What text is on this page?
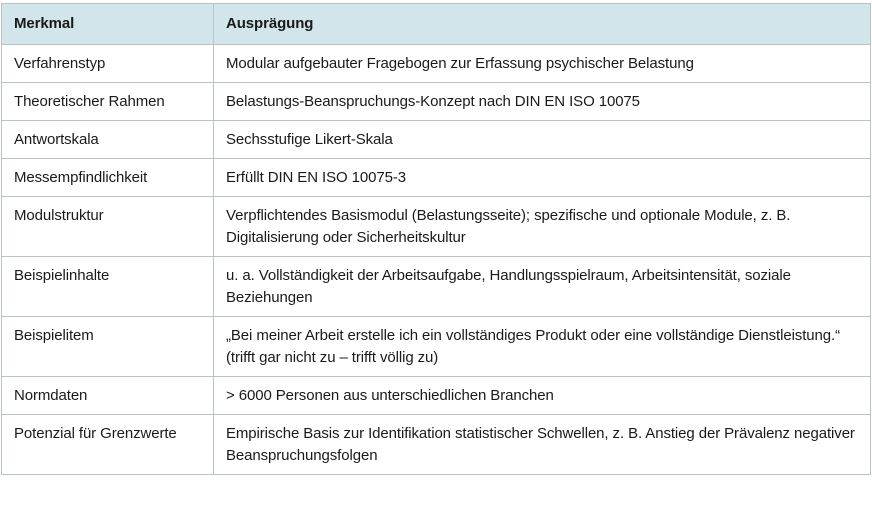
Merkmal	Ausprägung
Verfahrenstyp	Modular aufgebauter Fragebogen zur Erfassung psychischer Belastung
Theoretischer Rahmen	Belastungs-Beanspruchungs-Konzept nach DIN EN ISO 10075
Antwortskala	Sechsstufige Likert-Skala
Messempfindlichkeit	Erfüllt DIN EN ISO 10075-3
Modulstruktur	Verpflichtendes Basismodul (Belastungsseite); spezifische und optionale Module, z. B. Digitalisierung oder Sicherheitskultur
Beispielinhalte	u. a. Vollständigkeit der Arbeitsaufgabe, Handlungsspielraum, Arbeitsintensität, soziale Beziehungen
Beispielitem	„Bei meiner Arbeit erstelle ich ein vollständiges Produkt oder eine vollständige Dienstleistung.“ (trifft gar nicht zu – trifft völlig zu)
Normdaten	> 6000 Personen aus unterschiedlichen Branchen
Potenzial für Grenzwerte	Empirische Basis zur Identifikation statistischer Schwellen, z. B. Anstieg der Prävalenz negativer Beanspruchungsfolgen
